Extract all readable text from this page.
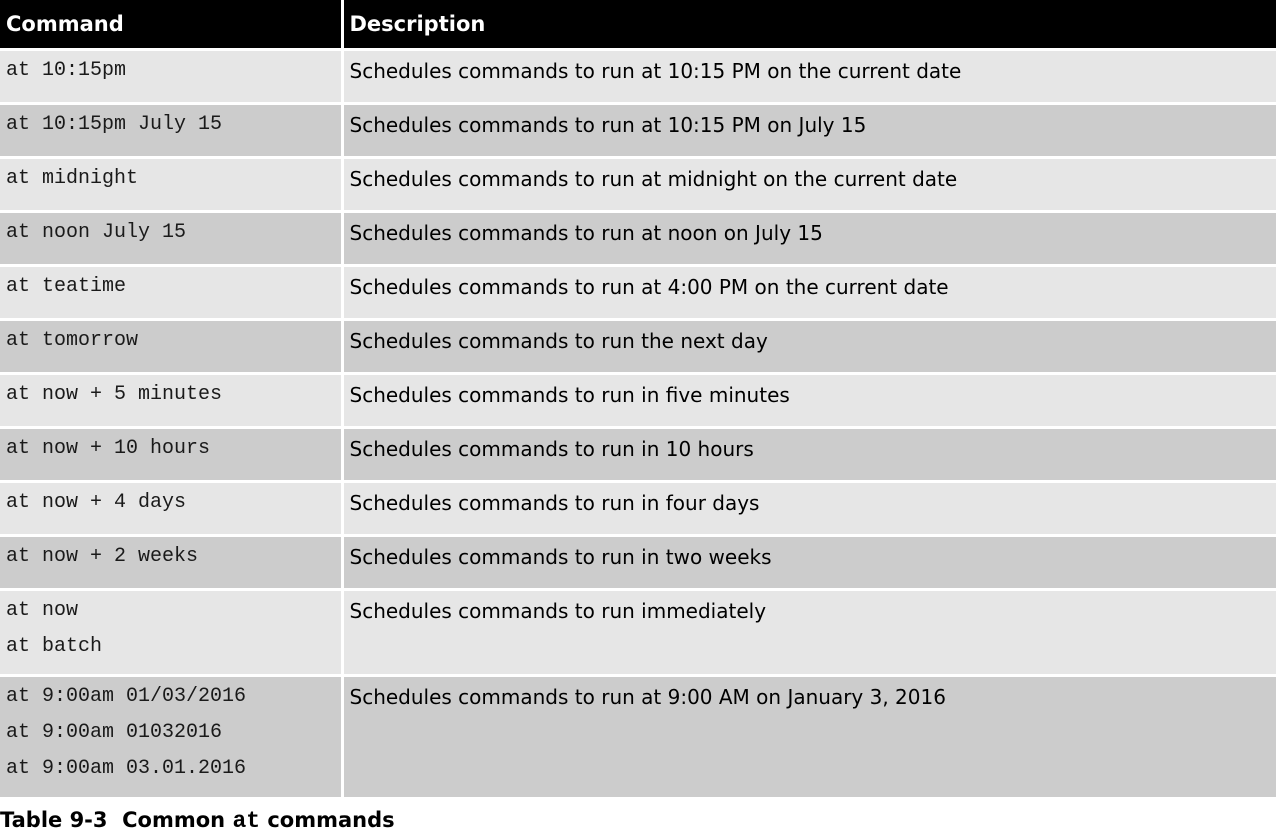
Command	Description

at 10:15pm	Schedules commands to run at 10:15 PM on the current date

at 10:15pm July 15	Schedules commands to run at 10:15 PM on July 15

at midnight	Schedules commands to run at midnight on the current date

at noon July 15	Schedules commands to run at noon on July 15

at teatime	Schedules commands to run at 4:00 PM on the current date

at tomorrow	Schedules commands to run the next day

at now + 5 minutes	Schedules commands to run in five minutes

at now + 10 hours	Schedules commands to run in 10 hours

at now + 4 days	Schedules commands to run in four days

at now + 2 weeks	Schedules commands to run in two weeks

at now
at batch	Schedules commands to run immediately

at 9:00am 01/03/2016
at 9:00am 01032016
at 9:00am 03.01.2016	Schedules commands to run at 9:00 AM on January 3, 2016
Table 9-3 Common at commands
